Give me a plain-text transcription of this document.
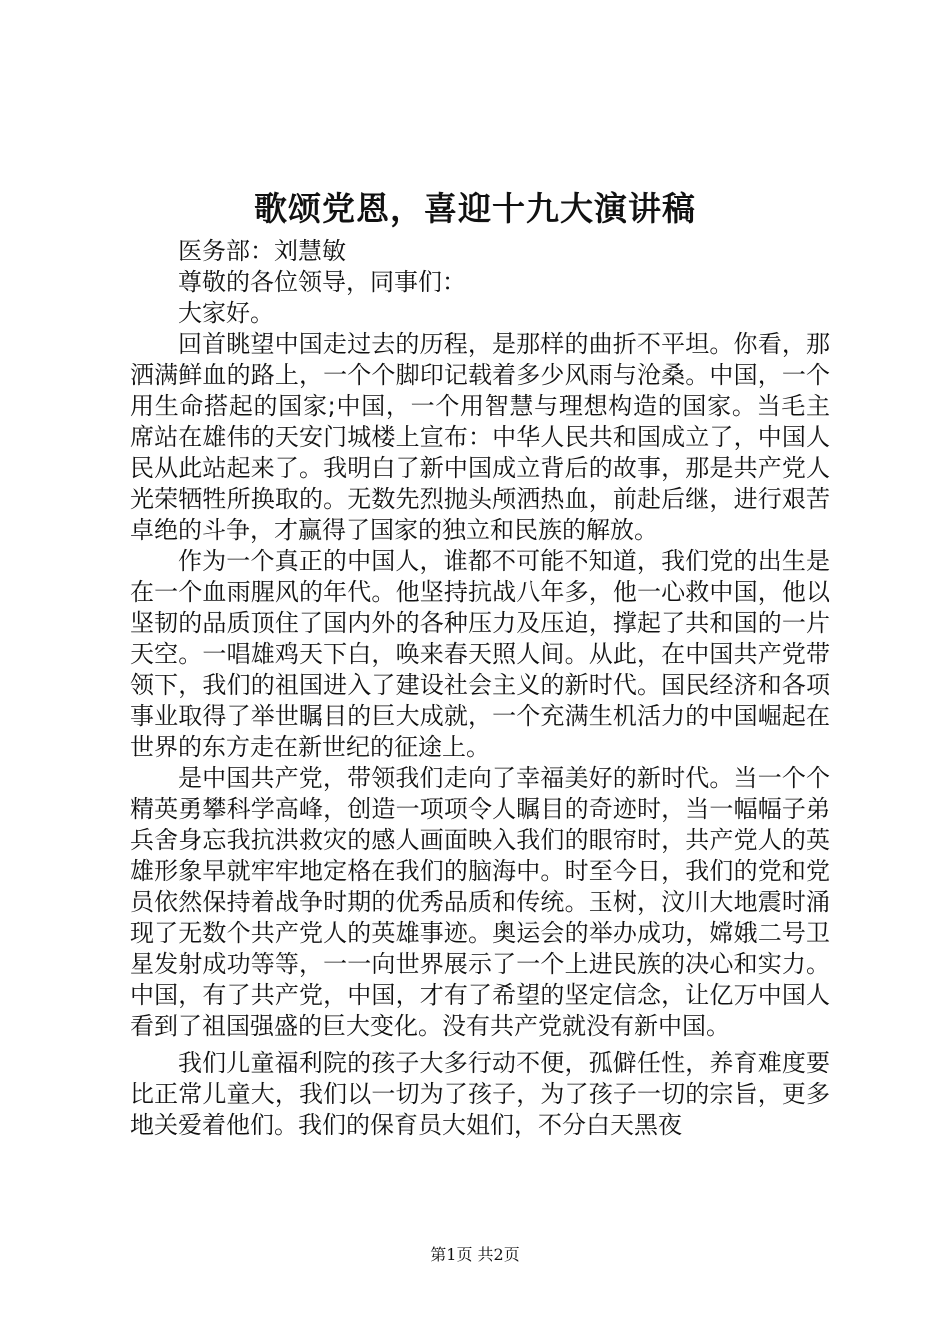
歌颂党恩，喜迎十九大演讲稿

医务部：刘慧敏

尊敬的各位领导，同事们：

大家好。

回首眺望中国走过去的历程，是那样的曲折不平坦。你看，那洒满鲜血的路上，一个个脚印记载着多少风雨与沧桑。中国，一个用生命搭起的国家;中国，一个用智慧与理想构造的国家。当毛主席站在雄伟的天安门城楼上宣布：中华人民共和国成立了，中国人民从此站起来了。我明白了新中国成立背后的故事，那是共产党人光荣牺牲所换取的。无数先烈抛头颅洒热血，前赴后继，进行艰苦卓绝的斗争，才赢得了国家的独立和民族的解放。

作为一个真正的中国人，谁都不可能不知道，我们党的出生是在一个血雨腥风的年代。他坚持抗战八年多，他一心救中国，他以坚韧的品质顶住了国内外的各种压力及压迫，撑起了共和国的一片天空。一唱雄鸡天下白，唤来春天照人间。从此，在中国共产党带领下，我们的祖国进入了建设社会主义的新时代。国民经济和各项事业取得了举世瞩目的巨大成就，一个充满生机活力的中国崛起在世界的东方走在新世纪的征途上。

是中国共产党，带领我们走向了幸福美好的新时代。当一个个精英勇攀科学高峰，创造一项项令人瞩目的奇迹时，当一幅幅子弟兵舍身忘我抗洪救灾的感人画面映入我们的眼帘时，共产党人的英雄形象早就牢牢地定格在我们的脑海中。时至今日，我们的党和党员依然保持着战争时期的优秀品质和传统。玉树，汶川大地震时涌现了无数个共产党人的英雄事迹。奥运会的举办成功，嫦娥二号卫星发射成功等等，一一向世界展示了一个上进民族的决心和实力。中国，有了共产党，中国，才有了希望的坚定信念，让亿万中国人看到了祖国强盛的巨大变化。没有共产党就没有新中国。

我们儿童福利院的孩子大多行动不便，孤僻任性，养育难度要比正常儿童大，我们以一切为了孩子，为了孩子一切的宗旨，更多地关爱着他们。我们的保育员大姐们，不分白天黑夜

第1页 共2页
